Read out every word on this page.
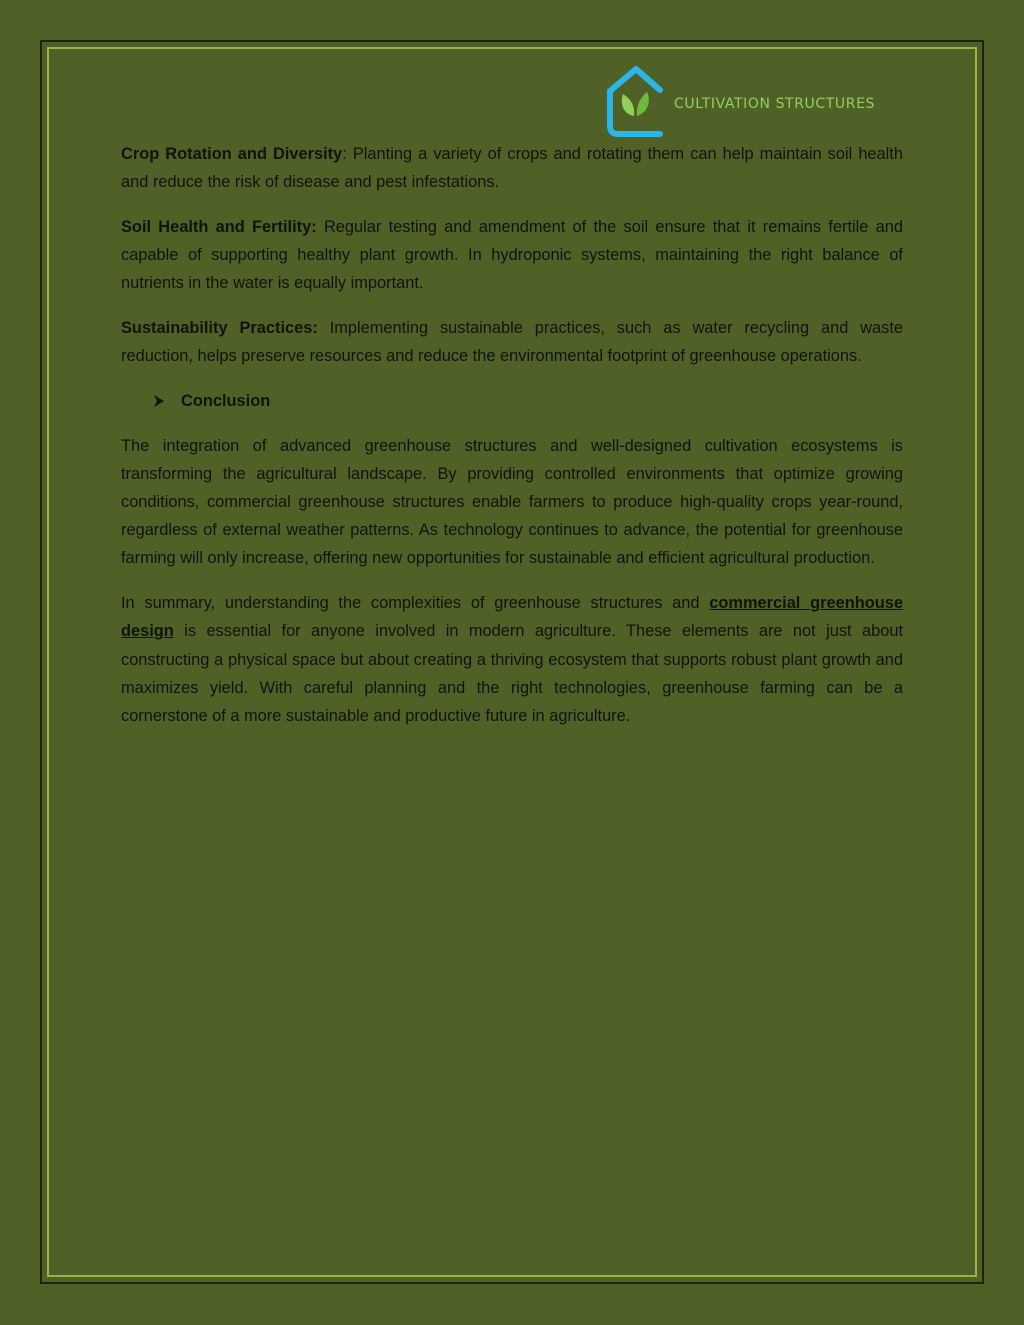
CULTIVATION STRUCTURES

Crop Rotation and Diversity: Planting a variety of crops and rotating them can help maintain soil health and reduce the risk of disease and pest infestations.

Soil Health and Fertility: Regular testing and amendment of the soil ensure that it remains fertile and capable of supporting healthy plant growth. In hydroponic systems, maintaining the right balance of nutrients in the water is equally important.

Sustainability Practices: Implementing sustainable practices, such as water recycling and waste reduction, helps preserve resources and reduce the environmental footprint of greenhouse operations.

Conclusion

The integration of advanced greenhouse structures and well-designed cultivation ecosystems is transforming the agricultural landscape. By providing controlled environments that optimize growing conditions, commercial greenhouse structures enable farmers to produce high-quality crops year-round, regardless of external weather patterns. As technology continues to advance, the potential for greenhouse farming will only increase, offering new opportunities for sustainable and efficient agricultural production.

In summary, understanding the complexities of greenhouse structures and commercial greenhouse design is essential for anyone involved in modern agriculture. These elements are not just about constructing a physical space but about creating a thriving ecosystem that supports robust plant growth and maximizes yield. With careful planning and the right technologies, greenhouse farming can be a cornerstone of a more sustainable and productive future in agriculture.
